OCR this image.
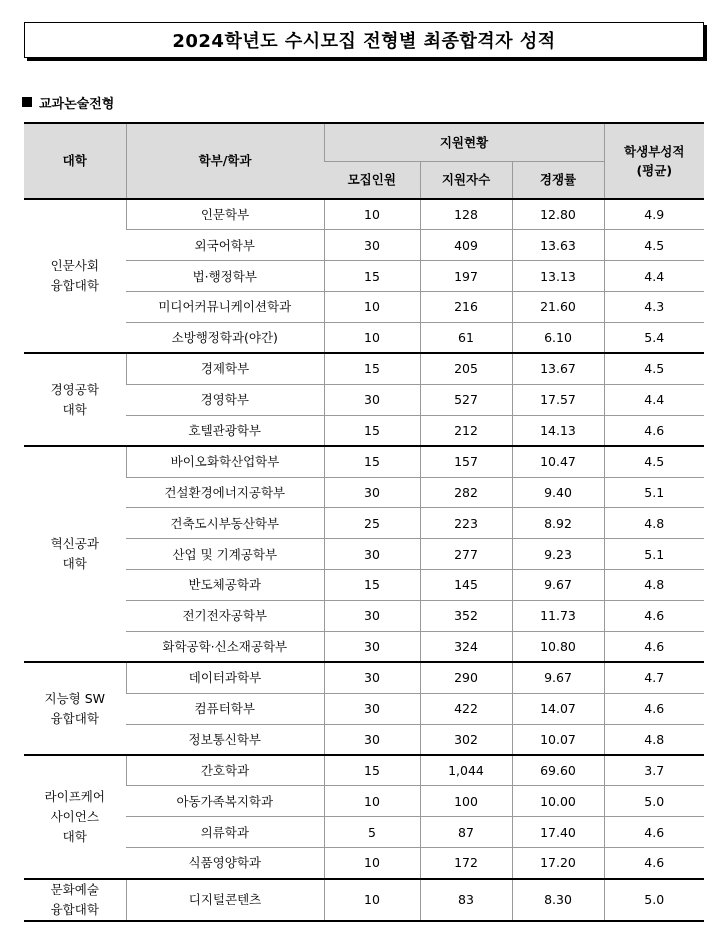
2024학년도 수시모집 전형별 최종합격자 성적
교과논술전형
대학	학부/학과	지원현황			학생부성적
(평균)
		모집인원	지원자수	경쟁률	
인문사회
융합대학	인문학부	10	128	12.80	4.9
	외국어학부	30	409	13.63	4.5
	법·행정학부	15	197	13.13	4.4
	미디어커뮤니케이션학과	10	216	21.60	4.3
	소방행정학과(야간)	10	61	6.10	5.4
경영공학
대학	경제학부	15	205	13.67	4.5
	경영학부	30	527	17.57	4.4
	호텔관광학부	15	212	14.13	4.6
혁신공과
대학	바이오화학산업학부	15	157	10.47	4.5
	건설환경에너지공학부	30	282	9.40	5.1
	건축도시부동산학부	25	223	8.92	4.8
	산업 및 기계공학부	30	277	9.23	5.1
	반도체공학과	15	145	9.67	4.8
	전기전자공학부	30	352	11.73	4.6
	화학공학·신소재공학부	30	324	10.80	4.6
지능형 SW
융합대학	데이터과학부	30	290	9.67	4.7
	컴퓨터학부	30	422	14.07	4.6
	정보통신학부	30	302	10.07	4.8
라이프케어
사이언스
대학	간호학과	15	1,044	69.60	3.7
	아동가족복지학과	10	100	10.00	5.0
	의류학과	5	87	17.40	4.6
	식품영양학과	10	172	17.20	4.6
문화예술
융합대학	디지털콘텐츠	10	83	8.30	5.0
